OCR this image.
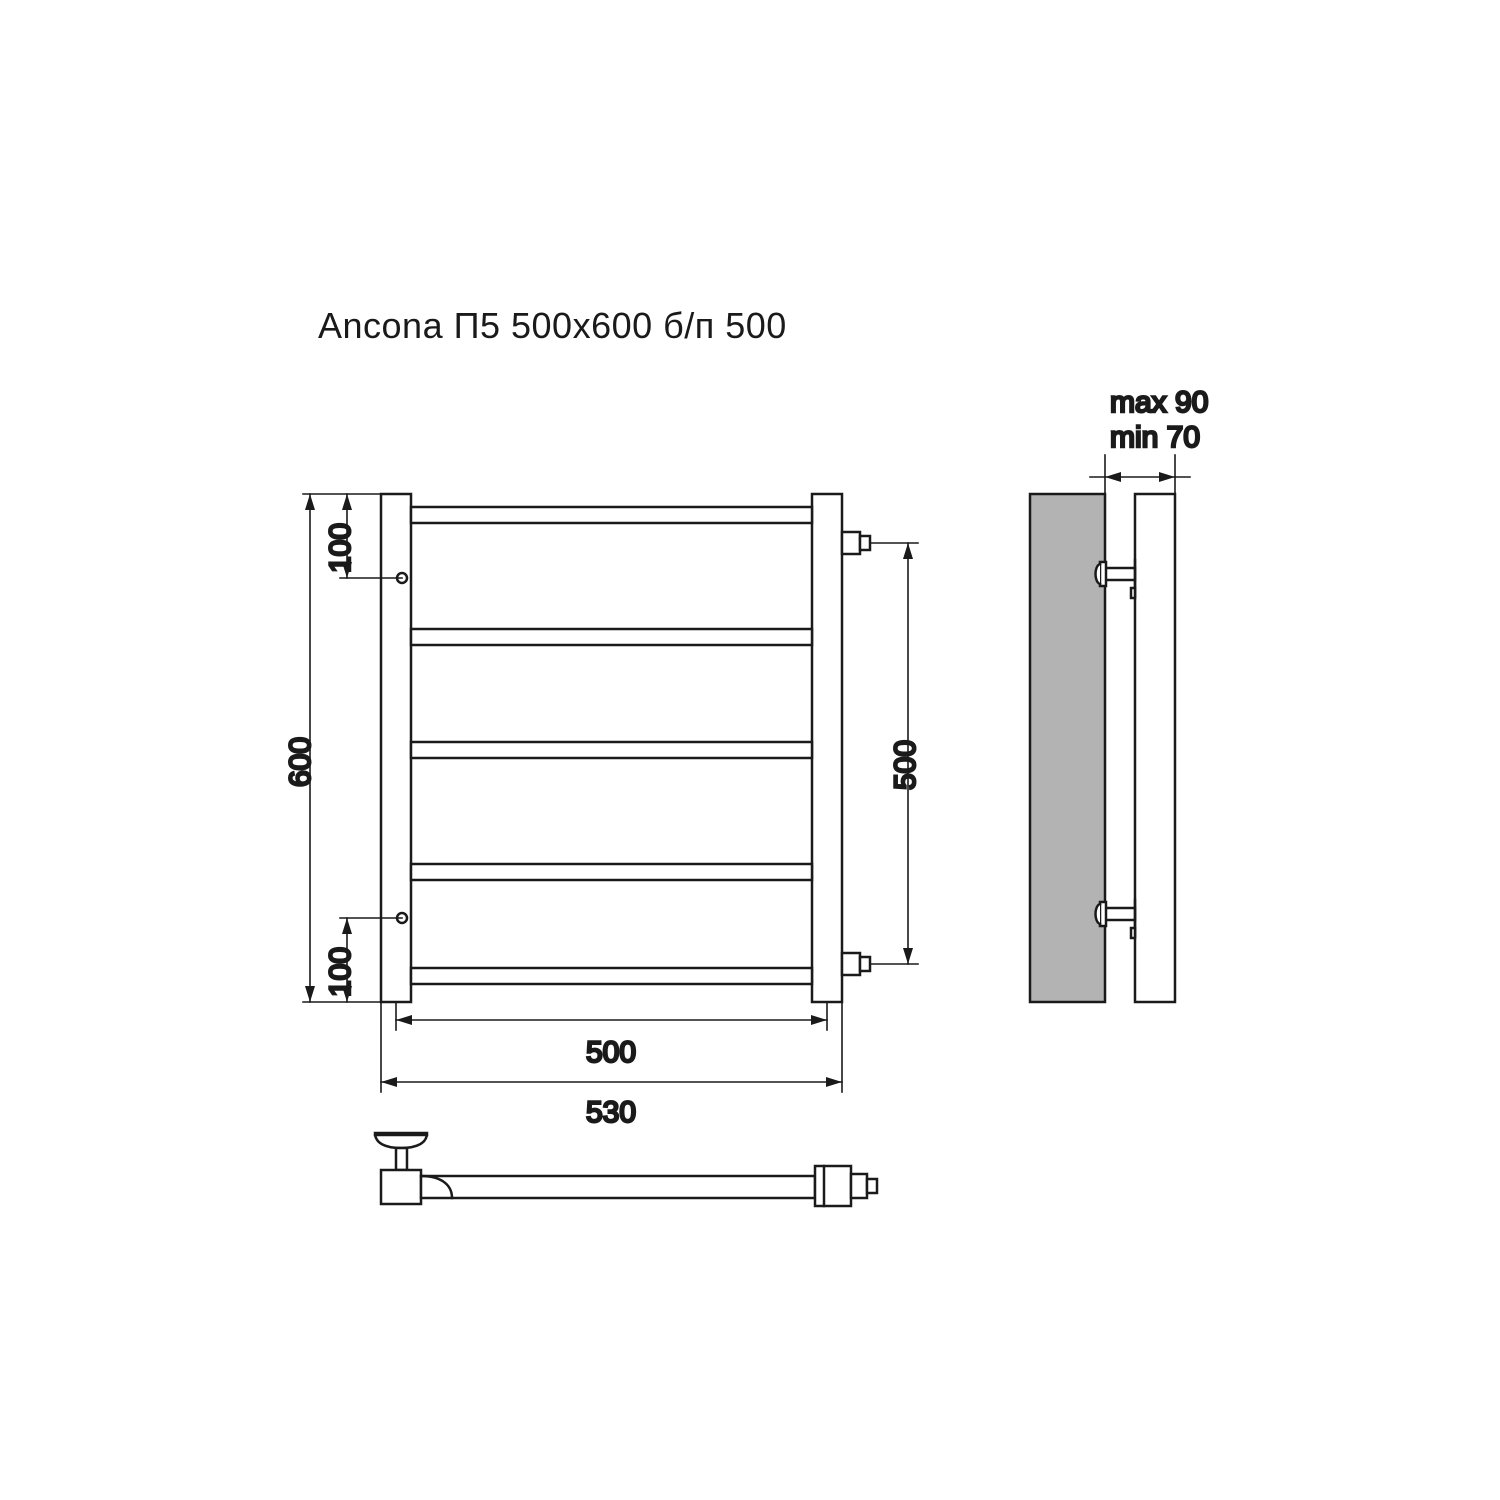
Ancona П5 500x600 б/п 500
600
100
100
500
500
530
max 90
min 70
